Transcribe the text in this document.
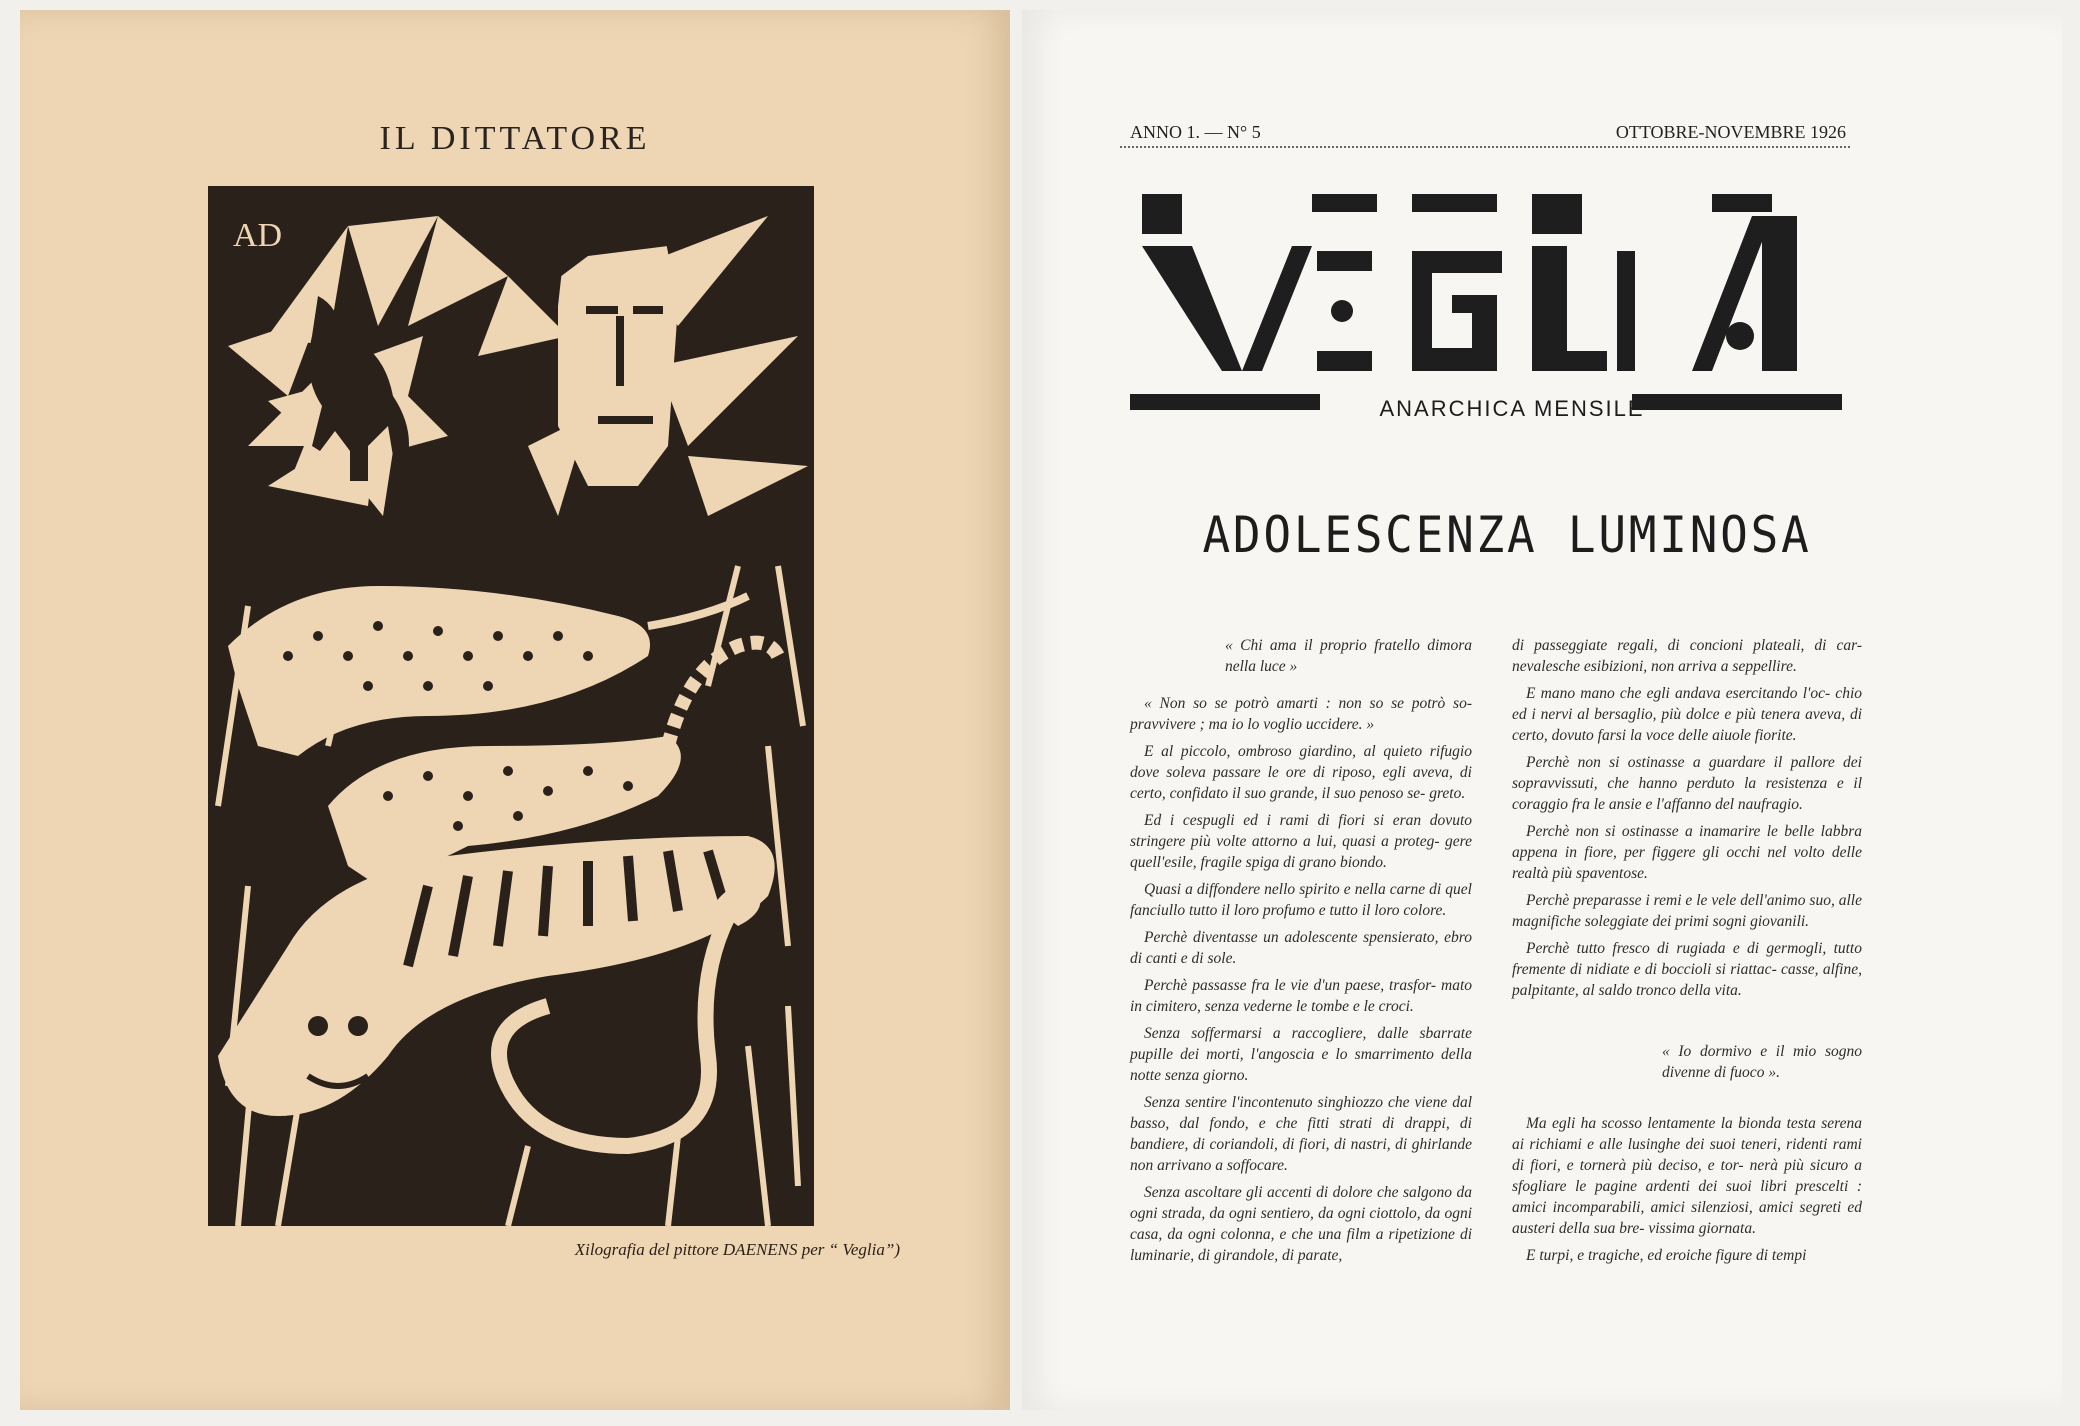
IL DITTATORE
AD
Xilografia del pittore DAENENS per “ Veglia”)
ANNO 1. — N° 5	OTTOBRE-NOVEMBRE 1926
ANARCHICA MENSILE
ADOLESCENZA LUMINOSA

« Chi ama il proprio fratello dimora nella luce »

« Non so se potrò amarti : non so se potrò so- pravvivere ; ma io lo voglio uccidere. »

E al piccolo, ombroso giardino, al quieto rifugio dove soleva passare le ore di riposo, egli aveva, di certo, confidato il suo grande, il suo penoso se- greto.

Ed i cespugli ed i rami di fiori si eran dovuto stringere più volte attorno a lui, quasi a proteg- gere quell'esile, fragile spiga di grano biondo.

Quasi a diffondere nello spirito e nella carne di quel fanciullo tutto il loro profumo e tutto il loro colore.

Perchè diventasse un adolescente spensierato, ebro di canti e di sole.

Perchè passasse fra le vie d'un paese, trasfor- mato in cimitero, senza vederne le tombe e le croci.

Senza soffermarsi a raccogliere, dalle sbarrate pupille dei morti, l'angoscia e lo smarrimento della notte senza giorno.

Senza sentire l'incontenuto singhiozzo che viene dal basso, dal fondo, e che fitti strati di drappi, di bandiere, di coriandoli, di fiori, di nastri, di ghirlande non arrivano a soffocare.

Senza ascoltare gli accenti di dolore che salgono da ogni strada, da ogni sentiero, da ogni ciottolo, da ogni casa, da ogni colonna, e che una film a ripetizione di luminarie, di girandole, di parate,

di passeggiate regali, di concioni plateali, di car- nevalesche esibizioni, non arriva a seppellire.

E mano mano che egli andava esercitando l'oc- chio ed i nervi al bersaglio, più dolce e più tenera aveva, di certo, dovuto farsi la voce delle aiuole fiorite.

Perchè non si ostinasse a guardare il pallore dei sopravvissuti, che hanno perduto la resistenza e il coraggio fra le ansie e l'affanno del naufragio.

Perchè non si ostinasse a inamarire le belle labbra appena in fiore, per figgere gli occhi nel volto delle realtà più spaventose.

Perchè preparasse i remi e le vele dell'animo suo, alle magnifiche soleggiate dei primi sogni giovanili.

Perchè tutto fresco di rugiada e di germogli, tutto fremente di nidiate e di boccioli si riattac- casse, alfine, palpitante, al saldo tronco della vita.

« Io dormivo e il mio sogno divenne di fuoco ».

Ma egli ha scosso lentamente la bionda testa serena ai richiami e alle lusinghe dei suoi teneri, ridenti rami di fiori, e tornerà più deciso, e tor- nerà più sicuro a sfogliare le pagine ardenti dei suoi libri prescelti : amici incomparabili, amici silenziosi, amici segreti ed austeri della sua bre- vissima giornata.

E turpi, e tragiche, ed eroiche figure di tempi
